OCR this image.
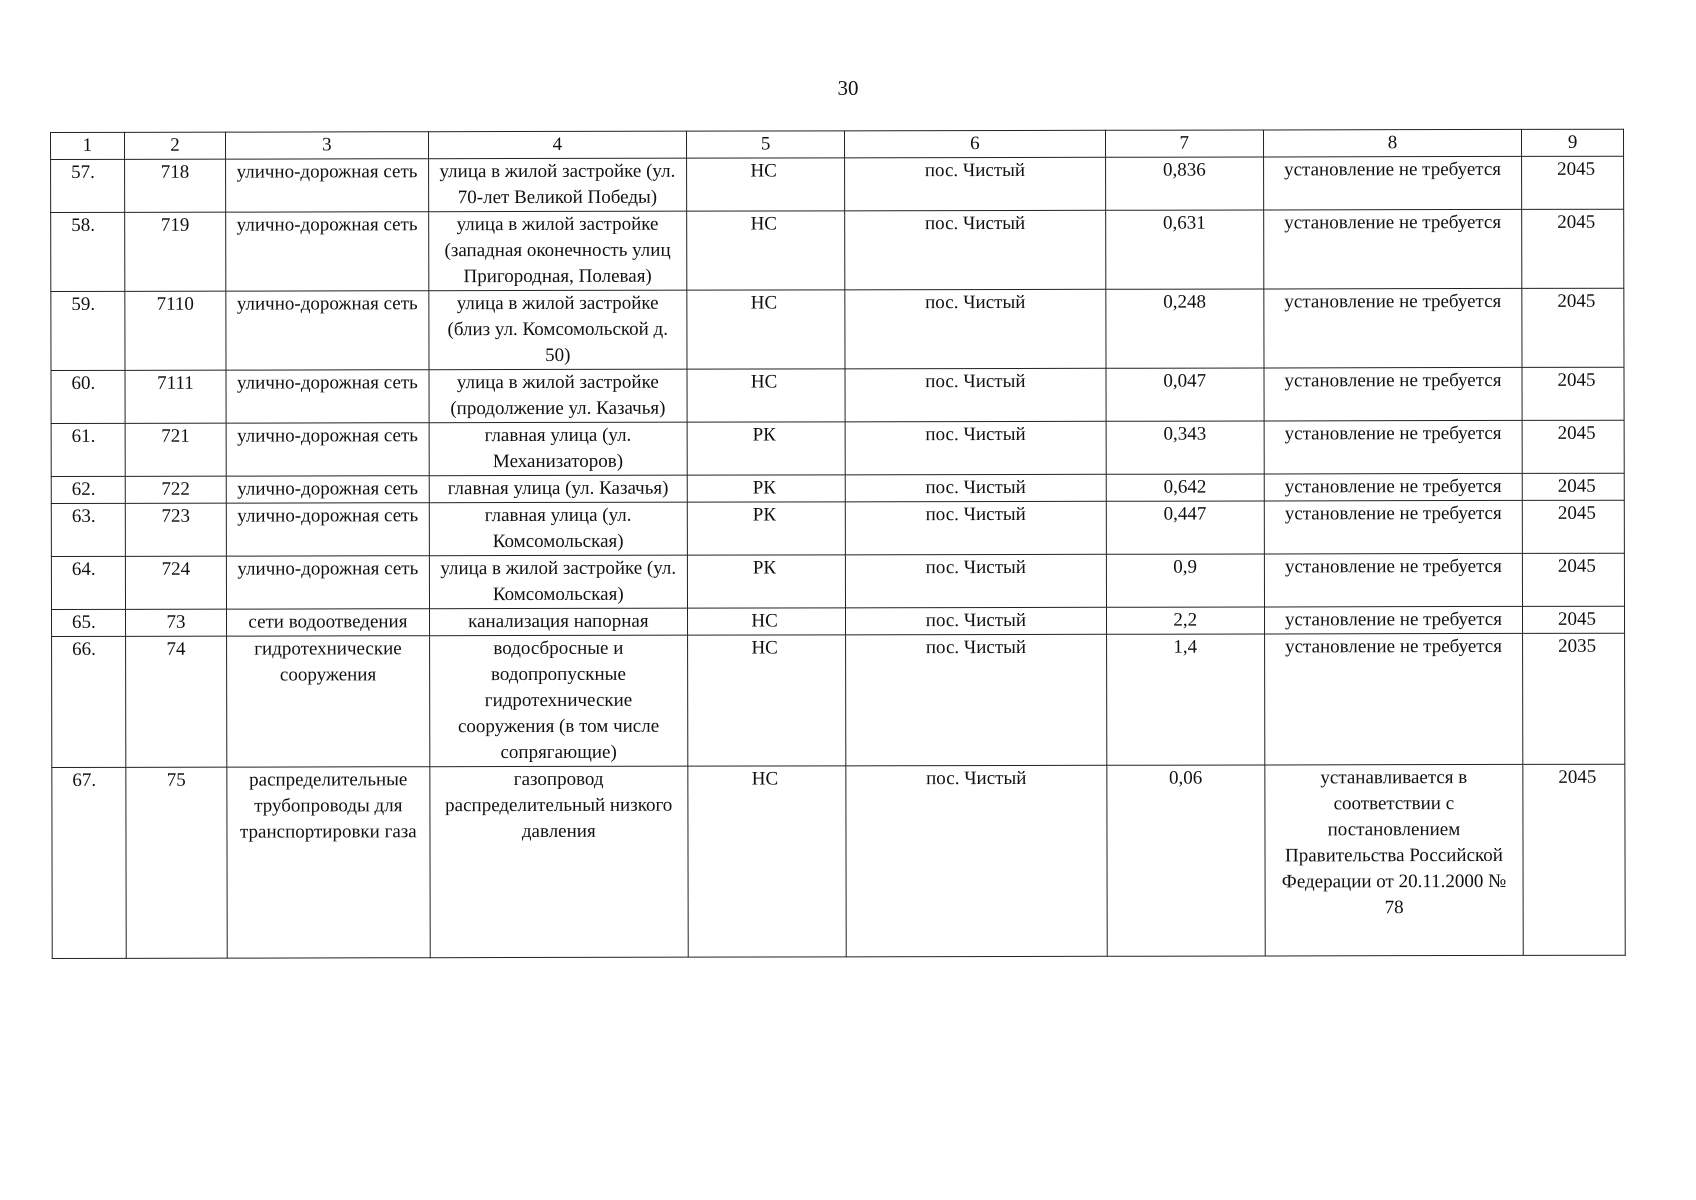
30
1	2	3	4	5	6	7	8	9
57.	718	улично-дорожная сеть	улица в жилой застройке (ул. 70-лет Великой Победы)	НС	пос. Чистый	0,836	установление не требуется	2045
58.	719	улично-дорожная сеть	улица в жилой застройке (западная оконечность улиц Пригородная, Полевая)	НС	пос. Чистый	0,631	установление не требуется	2045
59.	7110	улично-дорожная сеть	улица в жилой застройке (близ ул. Комсомольской д. 50)	НС	пос. Чистый	0,248	установление не требуется	2045
60.	7111	улично-дорожная сеть	улица в жилой застройке (продолжение ул. Казачья)	НС	пос. Чистый	0,047	установление не требуется	2045
61.	721	улично-дорожная сеть	главная улица (ул. Механизаторов)	РК	пос. Чистый	0,343	установление не требуется	2045
62.	722	улично-дорожная сеть	главная улица (ул. Казачья)	РК	пос. Чистый	0,642	установление не требуется	2045
63.	723	улично-дорожная сеть	главная улица (ул. Комсомольская)	РК	пос. Чистый	0,447	установление не требуется	2045
64.	724	улично-дорожная сеть	улица в жилой застройке (ул. Комсомольская)	РК	пос. Чистый	0,9	установление не требуется	2045
65.	73	сети водоотведения	канализация напорная	НС	пос. Чистый	2,2	установление не требуется	2045
66.	74	гидротехнические сооружения	водосбросные и водопропускные гидротехнические сооружения (в том числе сопрягающие)	НС	пос. Чистый	1,4	установление не требуется	2035
67.	75	распределительные трубопроводы для транспортировки газа	газопровод распределительный низкого давления	НС	пос. Чистый	0,06	устанавливается в соответствии с постановлением Правительства Российской Федерации от 20.11.2000 № 78	2045
